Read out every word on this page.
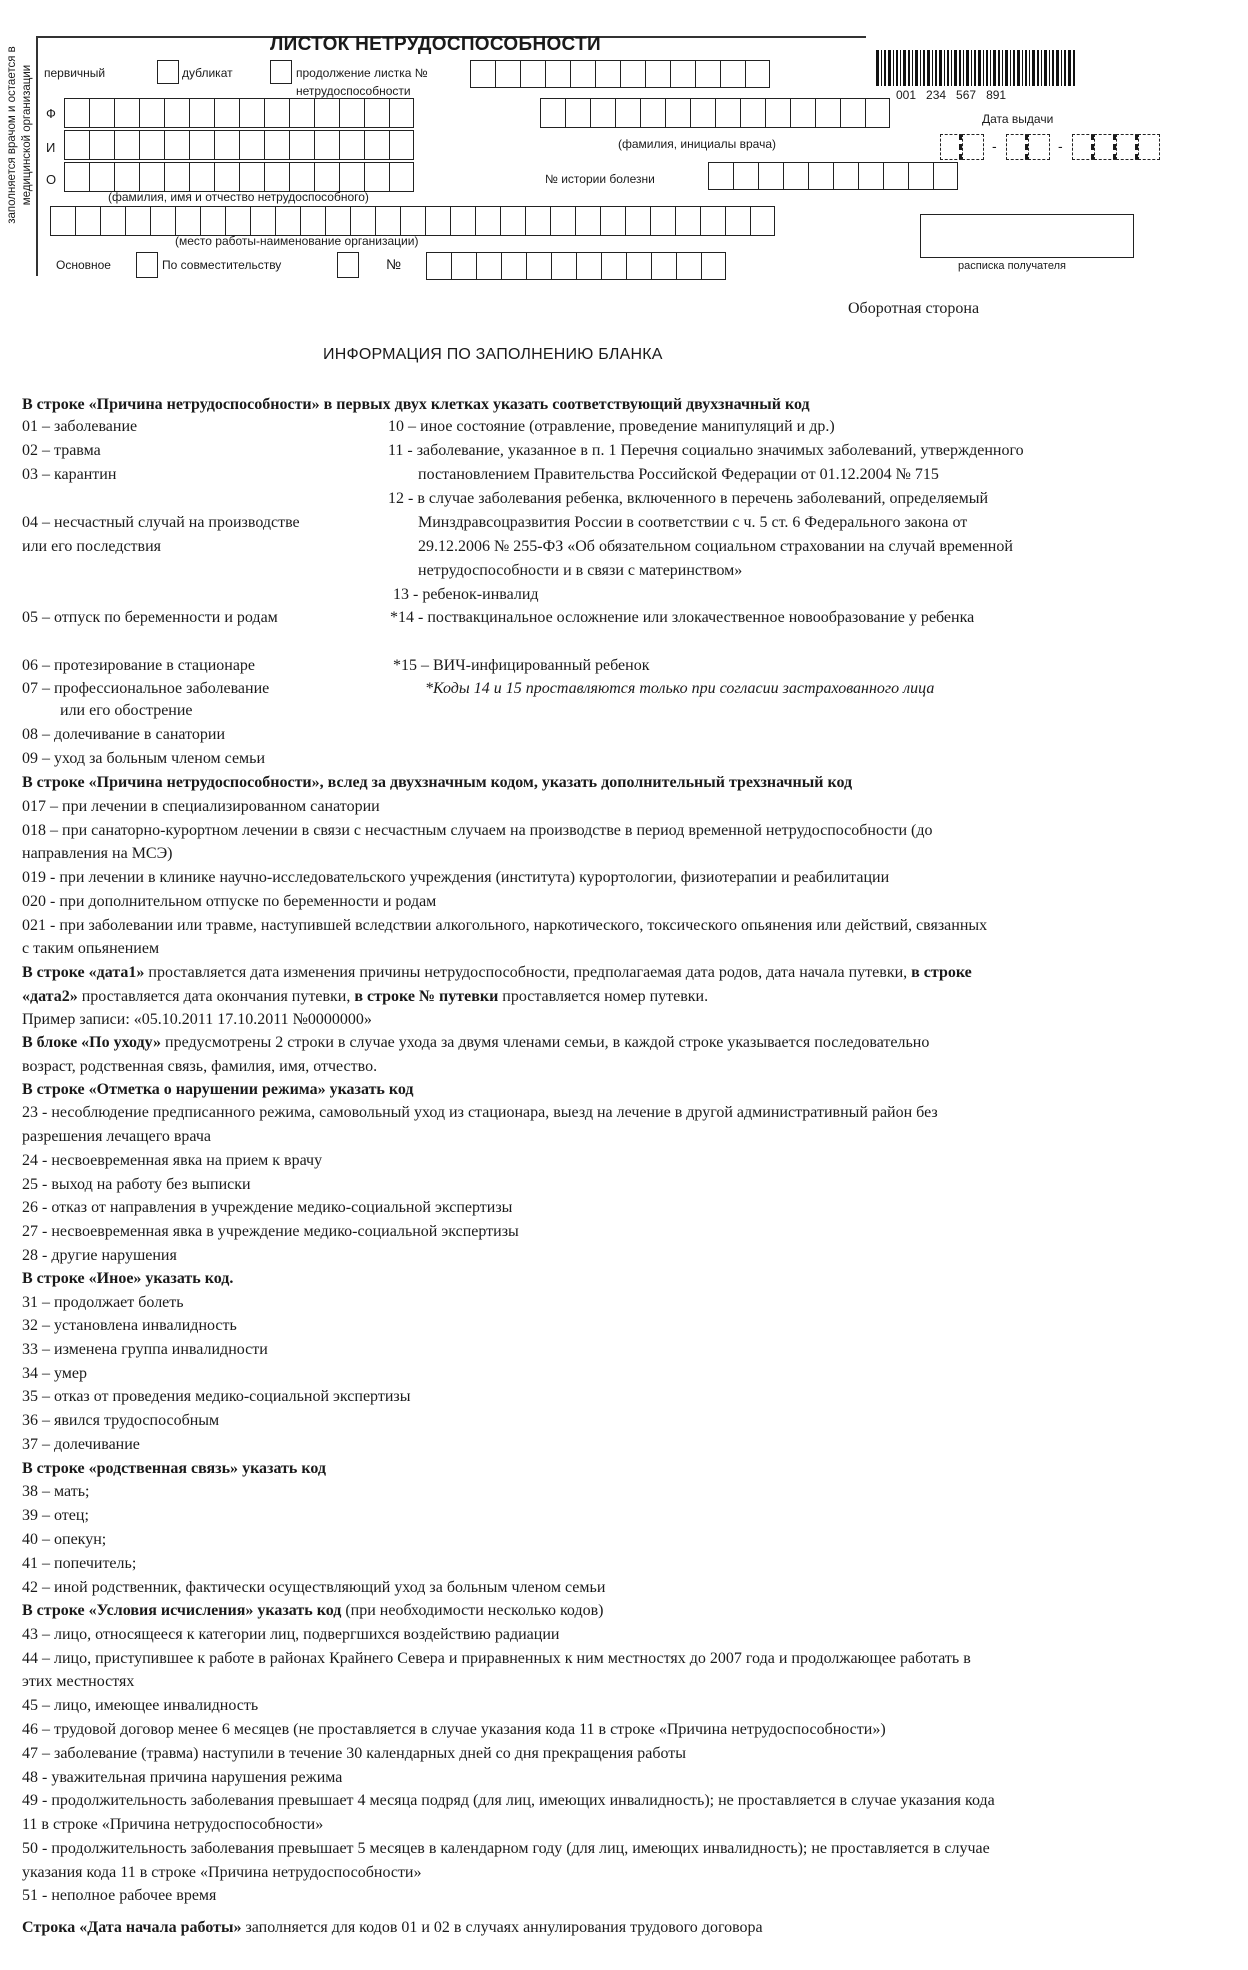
заполняется врачом и остается в медицинской организации
ЛИСТОК НЕТРУДОСПОСОБНОСТИ
первичный	дубликат	продолжение листка №
нетрудоспособности	001   234   567   891
Ф	Дата выдачи
И	(фамилия, инициалы врача)	-	-
О	№ истории болезни
(фамилия, имя и отчество нетрудоспособного)
(место работы-наименование организации)
расписка получателя
Основное	По совместительству	№
Оборотная сторона
ИНФОРМАЦИЯ ПО ЗАПОЛНЕНИЮ БЛАНКА
В строке «Причина нетрудоспособности» в первых двух клетках указать соответствующий двухзначный код
01 – заболевание
02 – травма
03 – карантин
04 – несчастный случай на производстве
или его последствия
05 – отпуск по беременности и родам
06 – протезирование в стационаре
07 – профессиональное заболевание
или его обострение
08 – долечивание в санатории
09 – уход за больным членом семьи
10 – иное состояние (отравление, проведение манипуляций и др.)
11 - заболевание, указанное в п. 1 Перечня социально значимых заболеваний, утвержденного
постановлением Правительства Российской Федерации от 01.12.2004 № 715
12 - в случае заболевания ребенка, включенного в перечень заболеваний, определяемый
Минздравсоцразвития России в соответствии с ч. 5 ст. 6 Федерального закона от
29.12.2006 № 255-ФЗ «Об обязательном социальном страховании на случай временной
нетрудоспособности и в связи с материнством»
13 - ребенок-инвалид
*14 - поствакцинальное осложнение или злокачественное новообразование у ребенка
*15 – ВИЧ-инфицированный ребенок
*Коды 14 и 15 проставляются только при согласии застрахованного лица
В строке «Причина нетрудоспособности», вслед за двухзначным кодом, указать дополнительный трехзначный код
017 – при лечении в специализированном санатории
018 – при санаторно-курортном лечении в связи с несчастным случаем на производстве в период временной нетрудоспособности (до
направления на МСЭ)
019 - при лечении в клинике научно-исследовательского учреждения (института) курортологии, физиотерапии и реабилитации
020 - при дополнительном отпуске по беременности и родам
021 - при заболевании или травме, наступившей вследствии алкогольного, наркотического, токсического опьянения или действий, связанных
с таким опьянением
В строке «дата1» проставляется дата изменения причины нетрудоспособности, предполагаемая дата родов, дата начала путевки, в строке
«дата2» проставляется дата окончания путевки, в строке № путевки проставляется номер путевки.
Пример записи: «05.10.2011 17.10.2011 №0000000»
В блоке «По уходу» предусмотрены 2 строки в случае ухода за двумя членами семьи, в каждой строке указывается последовательно
возраст, родственная связь, фамилия, имя, отчество.
В строке «Отметка о нарушении режима» указать код
23 - несоблюдение предписанного режима, самовольный уход из стационара, выезд на лечение в другой административный район без
разрешения лечащего врача
24 - несвоевременная явка на прием к врачу
25 - выход на работу без выписки
26 - отказ от направления в учреждение медико-социальной экспертизы
27 - несвоевременная явка в учреждение медико-социальной экспертизы
28 - другие нарушения
В строке «Иное» указать код.
31 – продолжает болеть
32 – установлена инвалидность
33 – изменена группа инвалидности
34 – умер
35 – отказ от проведения медико-социальной экспертизы
36 – явился трудоспособным
37 – долечивание
В строке «родственная связь» указать код
38 – мать;
39 – отец;
40 – опекун;
41 – попечитель;
42 – иной родственник, фактически осуществляющий уход за больным членом семьи
В строке «Условия исчисления» указать код (при необходимости несколько кодов)
43 – лицо, относящееся к категории лиц, подвергшихся воздействию радиации
44 – лицо, приступившее к работе в районах Крайнего Севера и приравненных к ним местностях до 2007 года и продолжающее работать в
этих местностях
45 – лицо, имеющее инвалидность
46 – трудовой договор менее 6 месяцев (не проставляется в случае указания кода 11 в строке «Причина нетрудоспособности»)
47 – заболевание (травма) наступили в течение 30 календарных дней со дня прекращения работы
48 - уважительная причина нарушения режима
49 - продолжительность заболевания превышает 4 месяца подряд (для лиц, имеющих инвалидность); не проставляется в случае указания кода
11 в строке «Причина нетрудоспособности»
50 - продолжительность заболевания превышает 5 месяцев в календарном году (для лиц, имеющих инвалидность); не проставляется в случае
указания кода 11 в строке «Причина нетрудоспособности»
51 - неполное рабочее время
Строка «Дата начала работы» заполняется для кодов 01 и 02 в случаях аннулирования трудового договора
